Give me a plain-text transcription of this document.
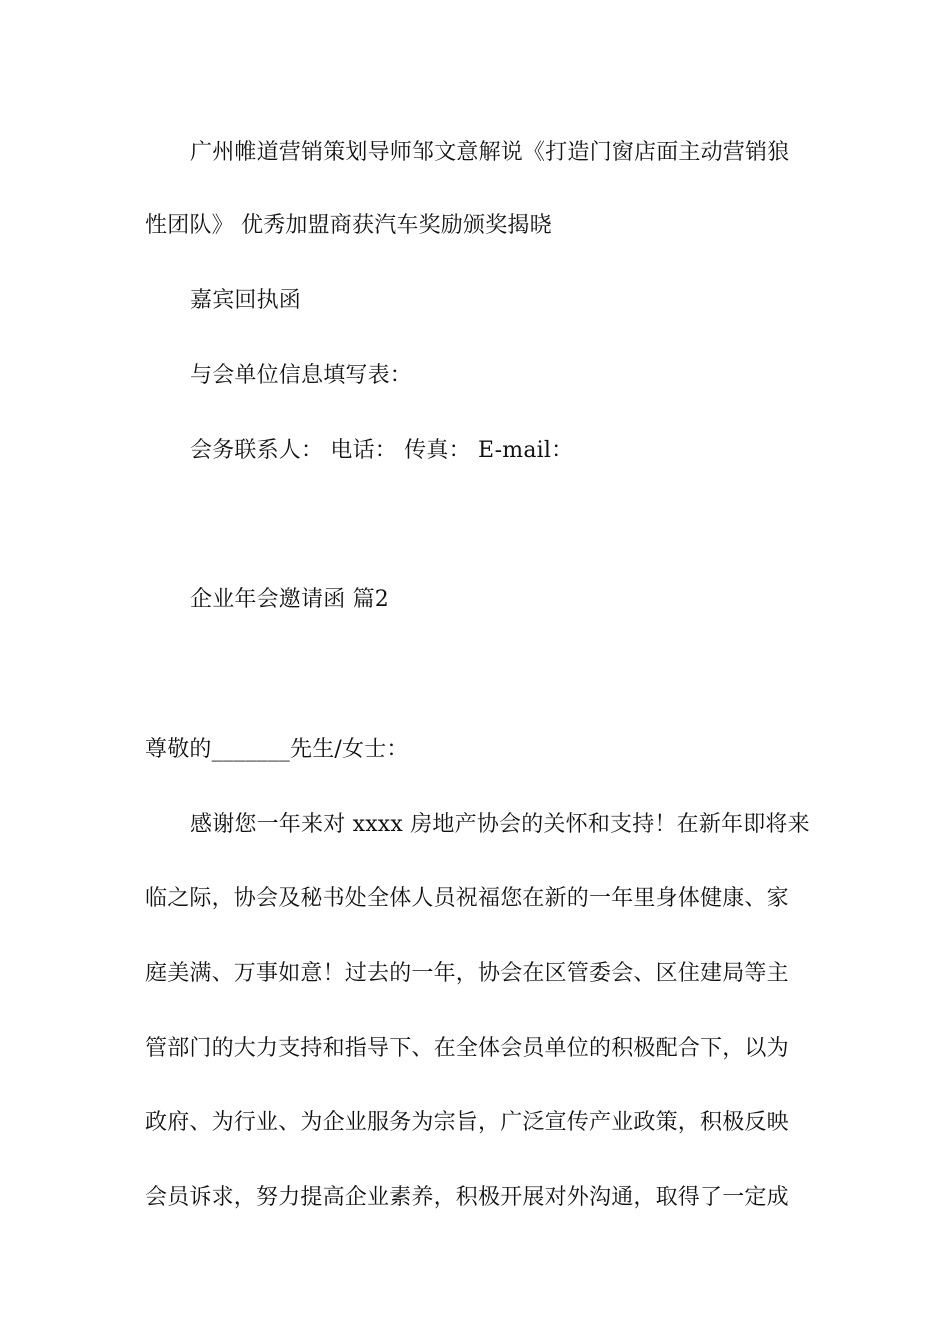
广州帷道营销策划导师邹文意解说《打造门窗店面主动营销狼
性团队》 优秀加盟商获汽车奖励颁奖揭晓
嘉宾回执函
与会单位信息填写表：
会务联系人： 电话： 传真： E-mail：
企业年会邀请函 篇2
尊敬的_______先生/女士：
感谢您一年来对 xxxx 房地产协会的关怀和支持！在新年即将来
临之际，协会及秘书处全体人员祝福您在新的一年里身体健康、家
庭美满、万事如意！过去的一年，协会在区管委会、区住建局等主
管部门的大力支持和指导下、在全体会员单位的积极配合下，以为
政府、为行业、为企业服务为宗旨，广泛宣传产业政策，积极反映
会员诉求，努力提高企业素养，积极开展对外沟通，取得了一定成
